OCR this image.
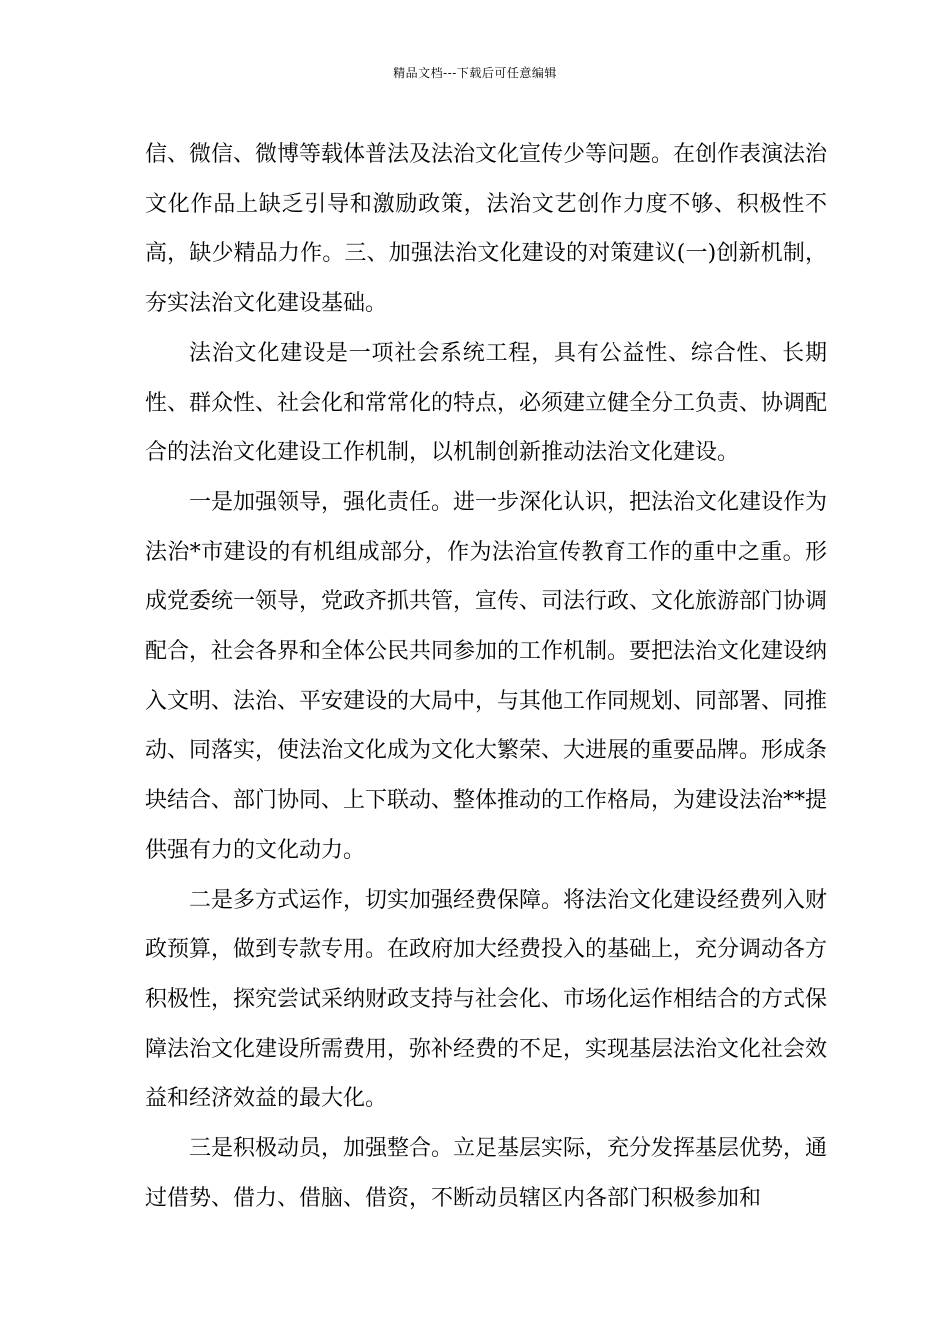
精品文档---下载后可任意编辑

信、微信、微博等载体普法及法治文化宣传少等问题。在创作表演法治文化作品上缺乏引导和激励政策，法治文艺创作力度不够、积极性不高，缺少精品力作。三、加强法治文化建设的对策建议(一)创新机制，夯实法治文化建设基础。

法治文化建设是一项社会系统工程，具有公益性、综合性、长期性、群众性、社会化和常常化的特点，必须建立健全分工负责、协调配合的法治文化建设工作机制，以机制创新推动法治文化建设。

一是加强领导，强化责任。进一步深化认识，把法治文化建设作为法治*市建设的有机组成部分，作为法治宣传教育工作的重中之重。形成党委统一领导，党政齐抓共管，宣传、司法行政、文化旅游部门协调配合，社会各界和全体公民共同参加的工作机制。要把法治文化建设纳入文明、法治、平安建设的大局中，与其他工作同规划、同部署、同推动、同落实，使法治文化成为文化大繁荣、大进展的重要品牌。形成条块结合、部门协同、上下联动、整体推动的工作格局，为建设法治**提供强有力的文化动力。

二是多方式运作，切实加强经费保障。将法治文化建设经费列入财政预算，做到专款专用。在政府加大经费投入的基础上，充分调动各方积极性，探究尝试采纳财政支持与社会化、市场化运作相结合的方式保障法治文化建设所需费用，弥补经费的不足，实现基层法治文化社会效益和经济效益的最大化。

三是积极动员，加强整合。立足基层实际，充分发挥基层优势，通过借势、借力、借脑、借资，不断动员辖区内各部门积极参加和
